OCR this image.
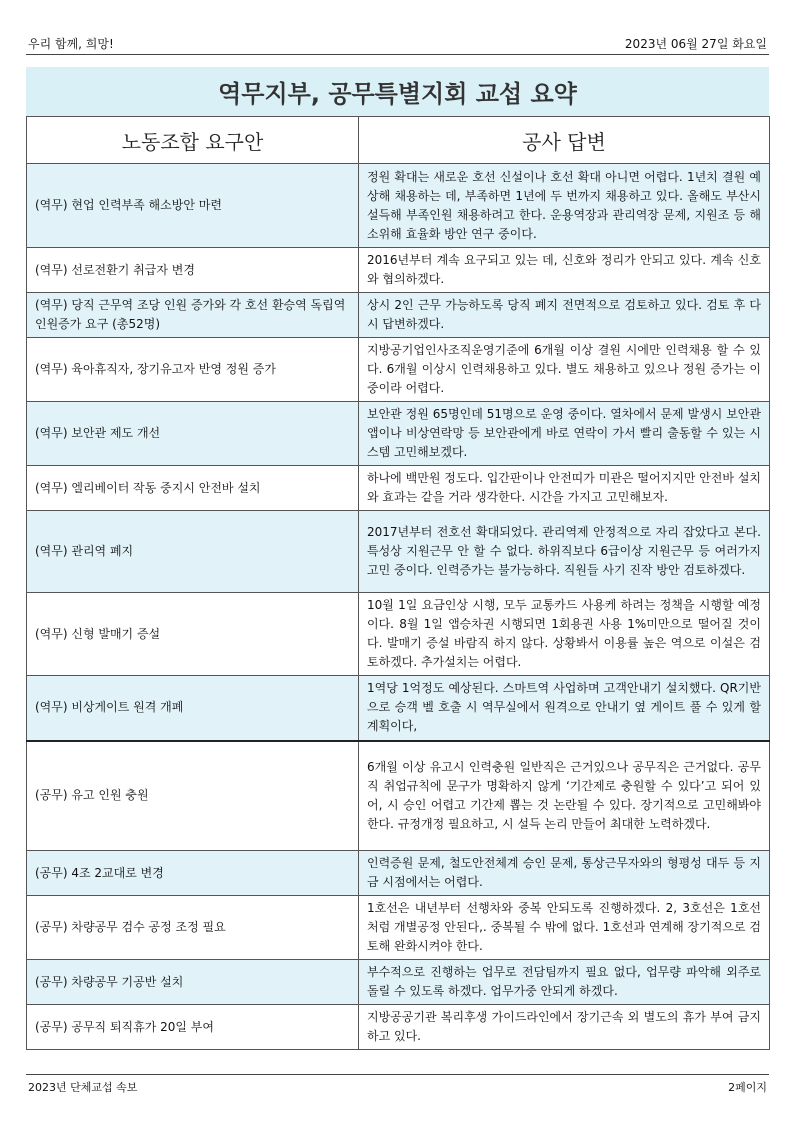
우리 함께, 희망!	2023년 06월 27일 화요일
역무지부, 공무특별지회 교섭 요약
노동조합 요구안	공사 답변
(역무) 현업 인력부족 해소방안 마련	정원 확대는 새로운 호선 신설이나 호선 확대 아니면 어렵다. 1년치 결원 예상해 채용하는 데, 부족하면 1년에 두 번까지 채용하고 있다. 올해도 부산시 설득해 부족인원 채용하려고 한다. 운용역장과 관리역장 문제, 지원조 등 해소위해 효율화 방안 연구 중이다.
(역무) 선로전환기 취급자 변경	2016년부터 계속 요구되고 있는 데, 신호와 정리가 안되고 있다. 계속 신호와 협의하겠다.
(역무) 당직 근무역 조당 인원 증가와 각 호선 환승역 독립역 인원증가 요구 (총52명)	상시 2인 근무 가능하도록 당직 폐지 전면적으로 검토하고 있다. 검토 후 다시 답변하겠다.
(역무) 육아휴직자, 장기유고자 반영 정원 증가	지방공기업인사조직운영기준에 6개월 이상 결원 시에만 인력채용 할 수 있다. 6개월 이상시 인력채용하고 있다. 별도 채용하고 있으나 정원 증가는 이중이라 어렵다.
(역무) 보안관 제도 개선	보안관 정원 65명인데 51명으로 운영 중이다. 열차에서 문제 발생시 보안관 앱이나 비상연락망 등 보안관에게 바로 연락이 가서 빨리 출동할 수 있는 시스템 고민해보겠다.
(역무) 엘리베이터 작동 중지시 안전바 설치	하나에 백만원 정도다. 입간판이나 안전띠가 미관은 떨어지지만 안전바 설치와 효과는 같을 거라 생각한다. 시간을 가지고 고민해보자.
(역무) 관리역 폐지	2017년부터 전호선 확대되었다. 관리역제 안정적으로 자리 잡았다고 본다. 특성상 지원근무 안 할 수 없다. 하위직보다 6급이상 지원근무 등 여러가지 고민 중이다. 인력증가는 불가능하다. 직원들 사기 진작 방안 검토하겠다.
(역무) 신형 발매기 증설	10월 1일 요금인상 시행, 모두 교통카드 사용케 하려는 정책을 시행할 예정이다. 8월 1일 앱승차권 시행되면 1회용권 사용 1%미만으로 떨어질 것이다. 발매기 증설 바람직 하지 않다. 상황봐서 이용률 높은 역으로 이설은 검토하겠다. 추가설치는 어렵다.
(역무) 비상게이트 원격 개폐	1역당 1억정도 예상된다. 스마트역 사업하며 고객안내기 설치했다. QR기반으로 승객 벨 호출 시 역무실에서 원격으로 안내기 옆 게이트 풀 수 있게 할 계획이다,
(공무) 유고 인원 충원	6개월 이상 유고시 인력충원 일반직은 근거있으나 공무직은 근거없다. 공무직 취업규칙에 문구가 명확하지 않게 ‘기간제로 충원할 수 있다’고 되어 있어, 시 승인 어렵고 기간제 뽑는 것 논란될 수 있다. 장기적으로 고민해봐야 한다. 규정개정 필요하고, 시 설득 논리 만들어 최대한 노력하겠다.
(공무) 4조 2교대로 변경	인력증원 문제, 철도안전체계 승인 문제, 통상근무자와의 형평성 대두 등 지금 시점에서는 어렵다.
(공무) 차량공무 검수 공정 조정 필요	1호선은 내년부터 선행차와 중복 안되도록 진행하겠다. 2, 3호선은 1호선 처럼 개별공정 안된다,. 중복될 수 밖에 없다. 1호선과 연계해 장기적으로 검토해 완화시켜야 한다.
(공무) 차량공무 기공반 설치	부수적으로 진행하는 업무로 전담팀까지 필요 없다, 업무량 파악해 외주로 돌릴 수 있도록 하겠다. 업무가중 안되게 하겠다.
(공무) 공무직 퇴직휴가 20일 부여	지방공공기관 복리후생 가이드라인에서 장기근속 외 별도의 휴가 부여 금지하고 있다.
2023년 단체교섭 속보	2페이지
